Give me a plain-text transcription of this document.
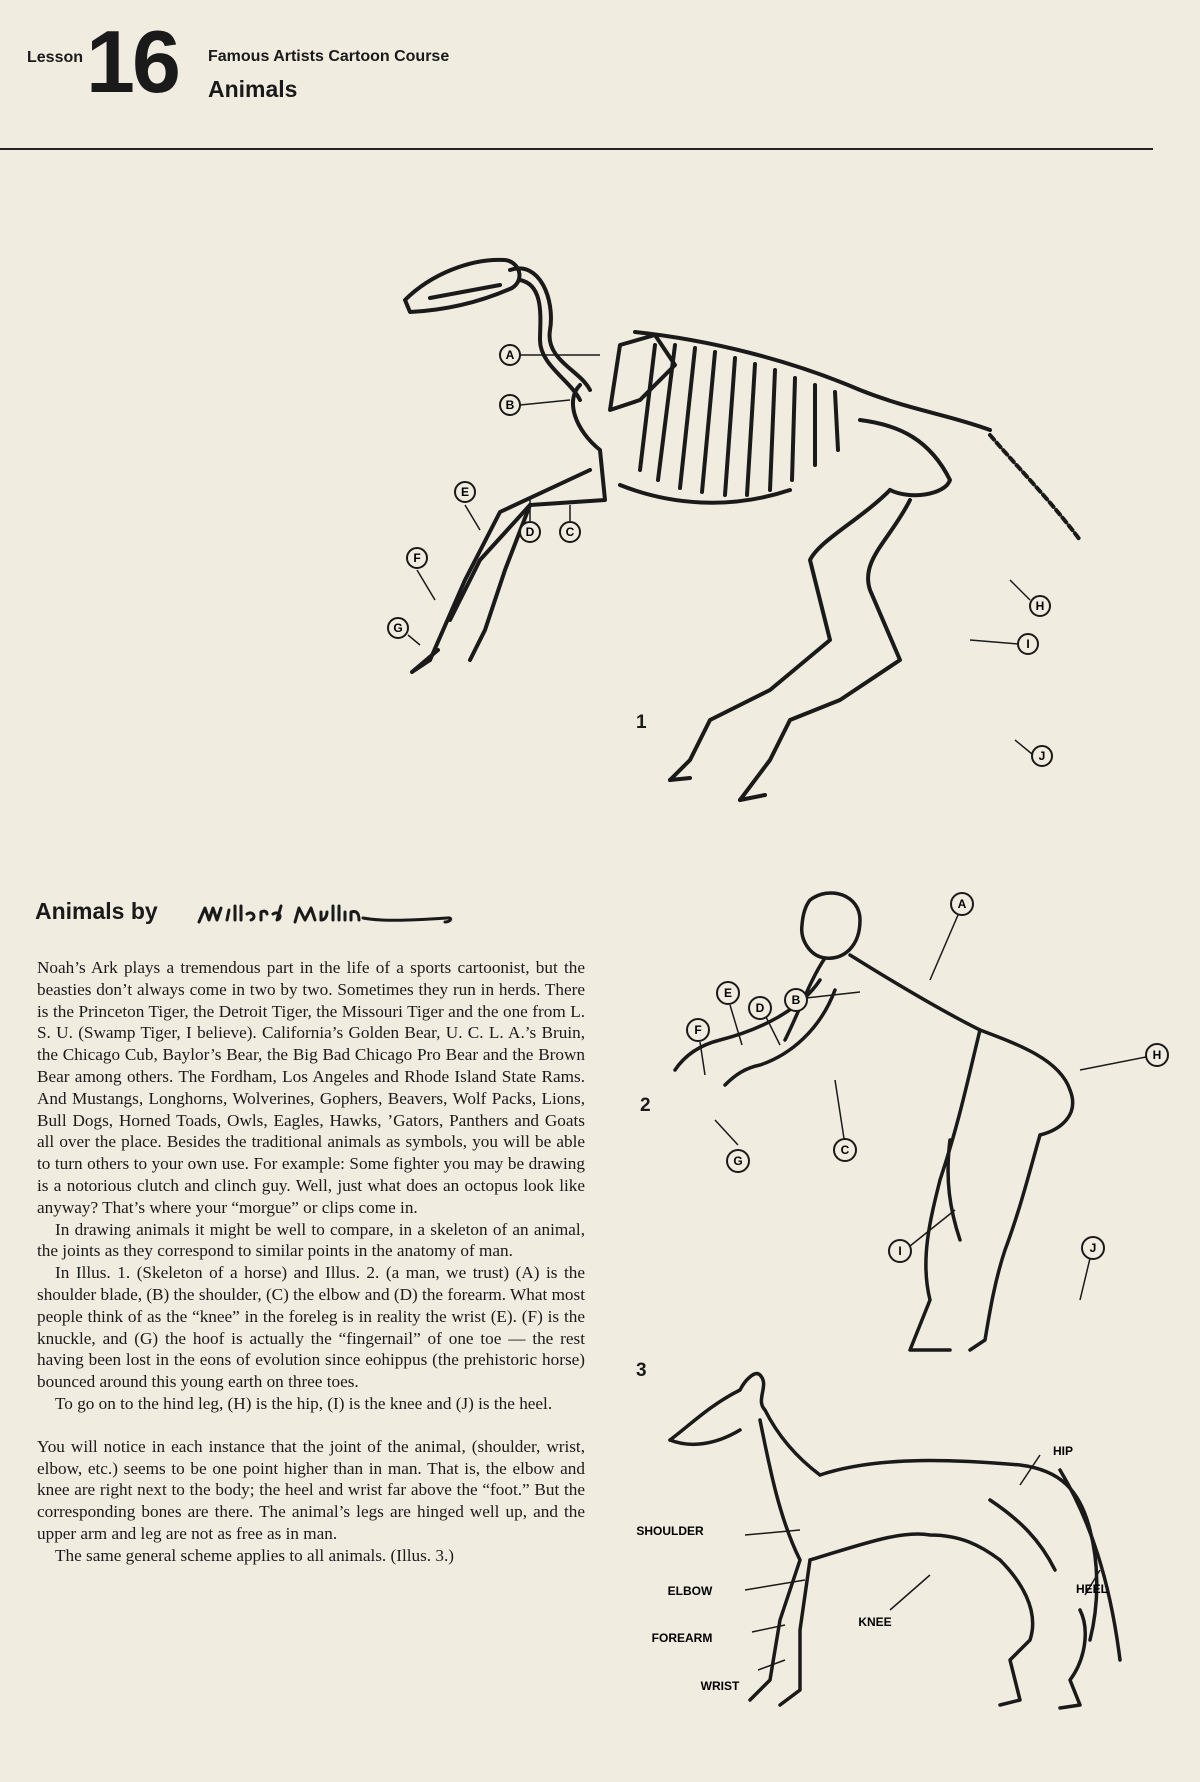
Lesson 16 Famous Artists Cartoon Course
Animals
A
B
C
D
E
F
G
H
I
J
1
Animals by
Willard Mullin

Noah’s Ark plays a tremendous part in the life of a sports cartoonist, but the beasties don’t always come in two by two. Sometimes they run in herds. There is the Princeton Tiger, the Detroit Tiger, the Missouri Tiger and the one from L. S. U. (Swamp Tiger, I believe). California’s Golden Bear, U. C. L. A.’s Bruin, the Chicago Cub, Baylor’s Bear, the Big Bad Chicago Pro Bear and the Brown Bear among others. The Fordham, Los Angeles and Rhode Island State Rams. And Mustangs, Longhorns, Wolverines, Gophers, Beavers, Wolf Packs, Lions, Bull Dogs, Horned Toads, Owls, Eagles, Hawks, ’Gators, Panthers and Goats all over the place. Besides the traditional animals as symbols, you will be able to turn others to your own use. For example: Some fighter you may be drawing is a notorious clutch and clinch guy. Well, just what does an octopus look like anyway? That’s where your “morgue” or clips come in.

In drawing animals it might be well to compare, in a skeleton of an animal, the joints as they correspond to similar points in the anatomy of man.

In Illus. 1. (Skeleton of a horse) and Illus. 2. (a man, we trust) (A) is the shoulder blade, (B) the shoulder, (C) the elbow and (D) the forearm. What most people think of as the “knee” in the foreleg is in reality the wrist (E). (F) is the knuckle, and (G) the hoof is actually the “fingernail” of one toe — the rest having been lost in the eons of evolution since eohippus (the prehistoric horse) bounced around this young earth on three toes.

To go on to the hind leg, (H) is the hip, (I) is the knee and (J) is the heel.

You will notice in each instance that the joint of the animal, (shoulder, wrist, elbow, etc.) seems to be one point higher than in man. That is, the elbow and knee are right next to the body; the heel and wrist far above the “foot.” But the corresponding bones are there. The animal’s legs are hinged well up, and the upper arm and leg are not as free as in man.

The same general scheme applies to all animals. (Illus. 3.)

A
B
C
D
E
F
G
H
I	J
2
3
HIP
SHOULDER
ELBOW
FOREARM
WRIST
KNEE
HEEL
